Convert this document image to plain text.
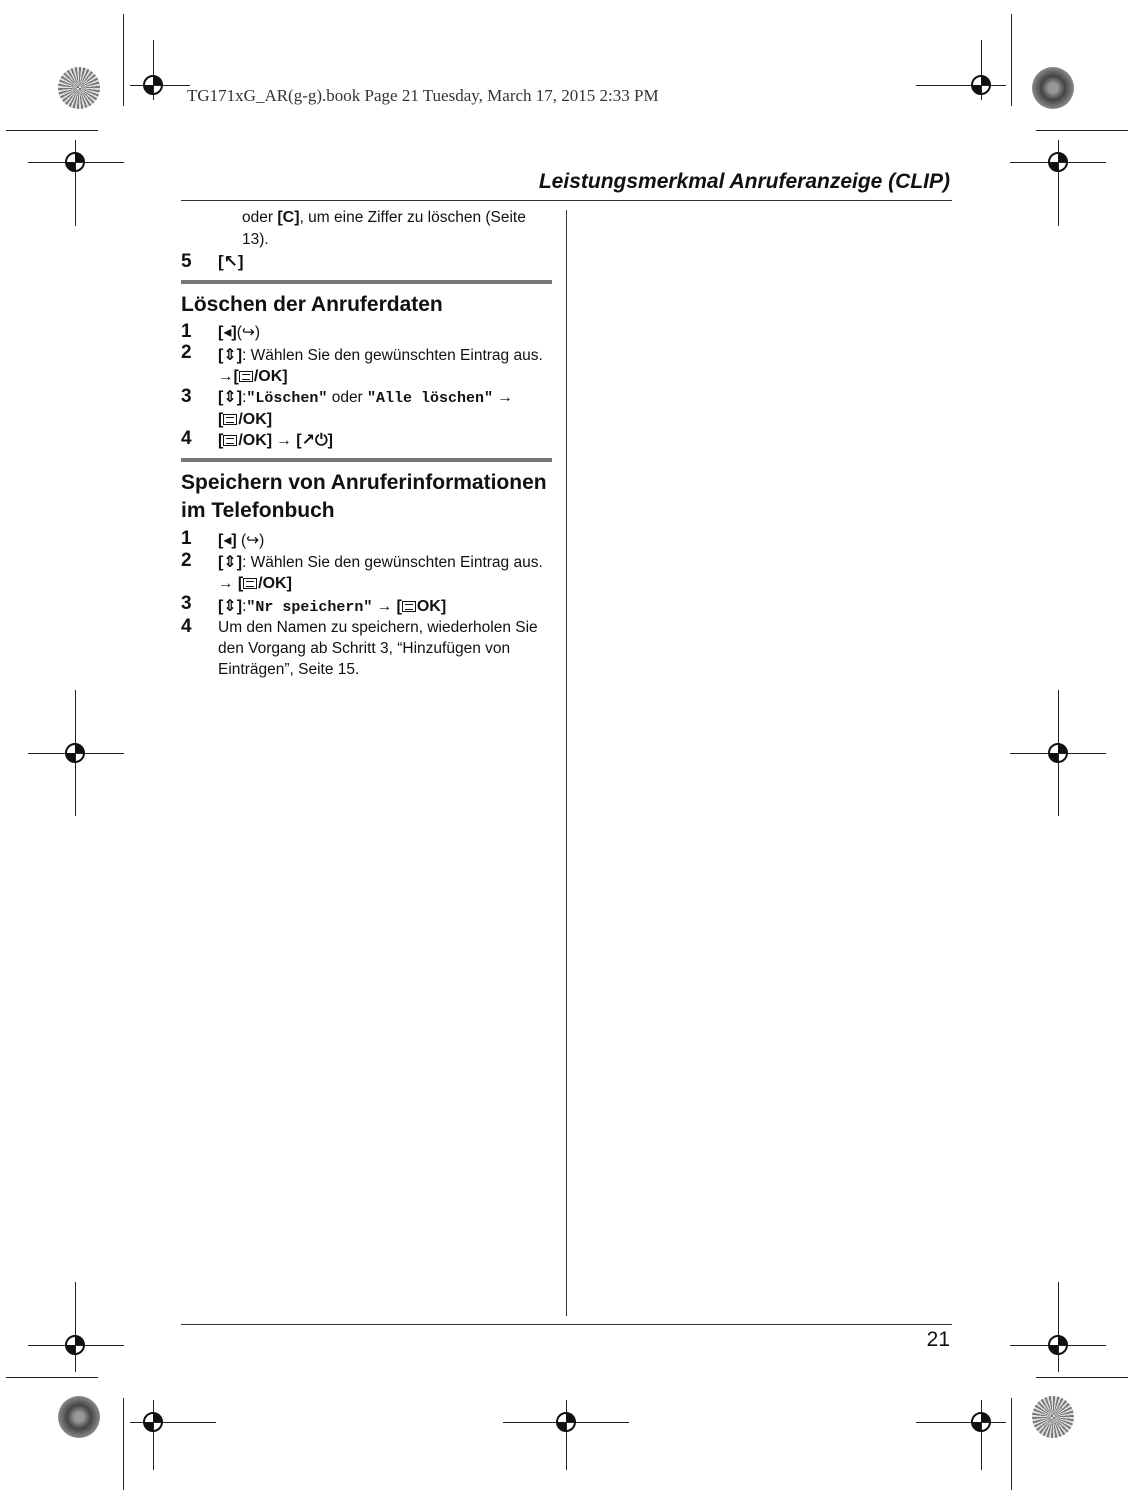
TG171xG_AR(g-g).book Page 21 Tuesday, March 17, 2015 2:33 PM
Leistungsmerkmal Anruferanzeige (CLIP)
21
oder [C], um eine Ziffer zu löschen (Seite
13).
5	[↖]
Löschen der Anruferdaten
1	[◂](↪)
2	[⇕]: Wählen Sie den gewünschten Eintrag aus. →[ /OK]
3	[⇕]:"Löschen" oder "Alle löschen" →
[ /OK]
4	[ /OK] → [↗⏻]
Speichern von Anruferinformationen
im Telefonbuch
1	[◂] (↪)
2	[⇕]: Wählen Sie den gewünschten Eintrag aus. → [ /OK]
3	[⇕]:"Nr speichern" → [ OK]
4	Um den Namen zu speichern, wiederholen Sie den Vorgang ab Schritt 3, “Hinzufügen von Einträgen”, Seite 15.
